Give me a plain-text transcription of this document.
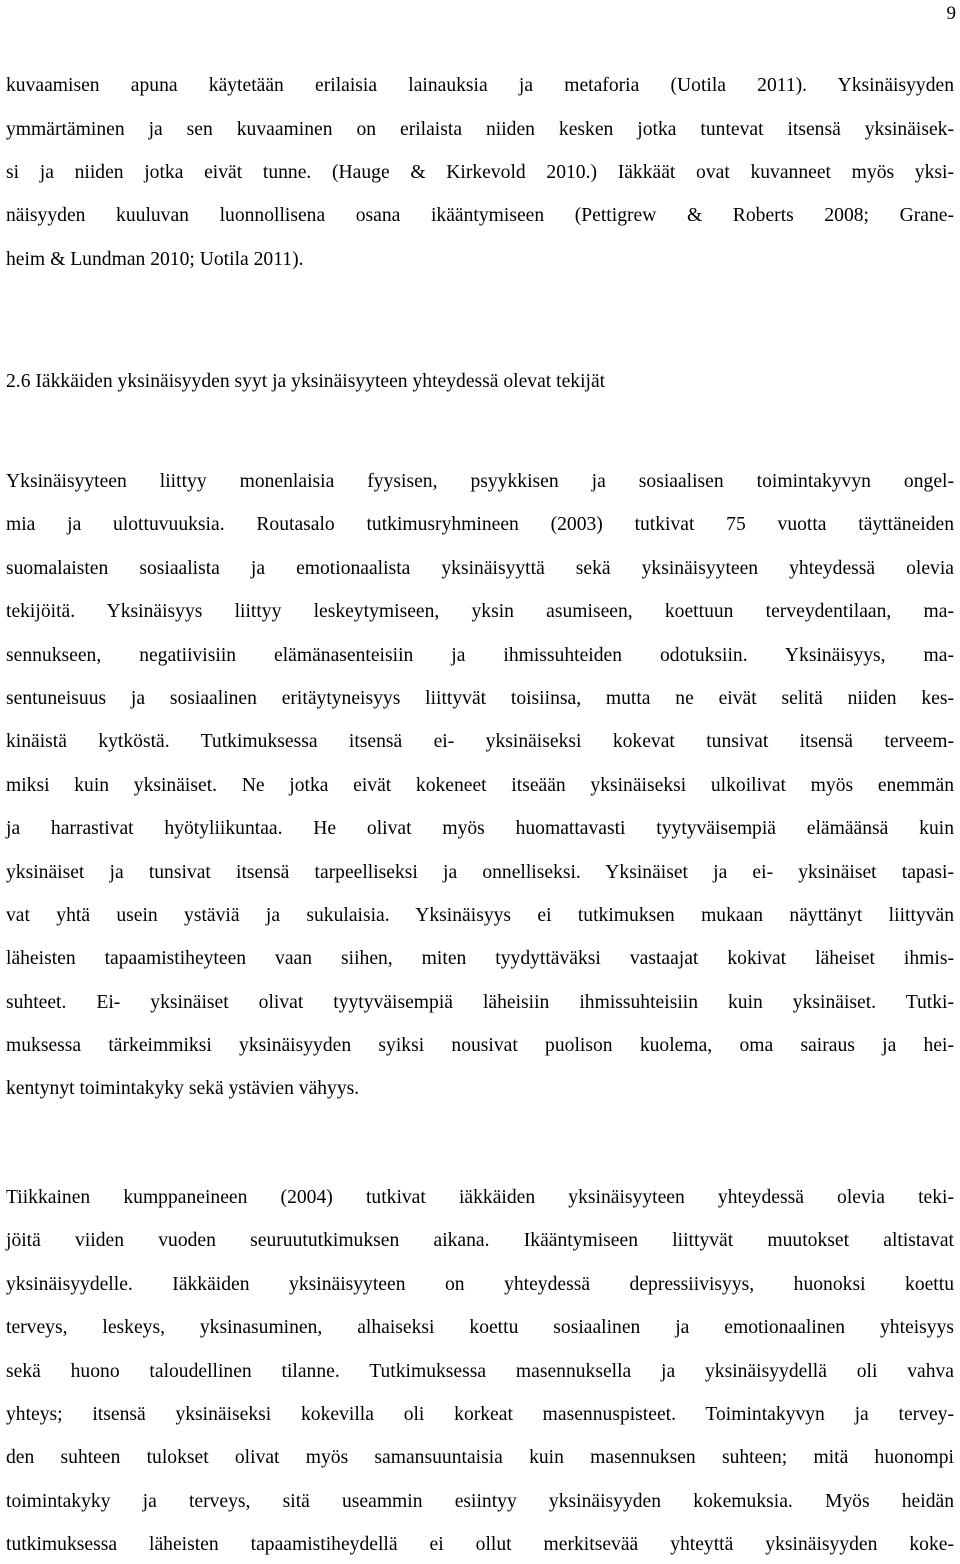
9
kuvaamisen apuna käytetään erilaisia lainauksia ja metaforia (Uotila 2011). Yksinäisyyden
ymmärtäminen ja sen kuvaaminen on erilaista niiden kesken jotka tuntevat itsensä yksinäisek-
si ja niiden jotka eivät tunne. (Hauge & Kirkevold 2010.) Iäkkäät ovat kuvanneet myös yksi-
näisyyden kuuluvan luonnollisena osana ikääntymiseen (Pettigrew & Roberts 2008; Grane-
heim & Lundman 2010; Uotila 2011).
2.6 Iäkkäiden yksinäisyyden syyt ja yksinäisyyteen yhteydessä olevat tekijät
Yksinäisyyteen liittyy monenlaisia fyysisen, psyykkisen ja sosiaalisen toimintakyvyn ongel-
mia ja ulottuvuuksia. Routasalo tutkimusryhmineen (2003) tutkivat 75 vuotta täyttäneiden
suomalaisten sosiaalista ja emotionaalista yksinäisyyttä sekä yksinäisyyteen yhteydessä olevia
tekijöitä. Yksinäisyys liittyy leskeytymiseen, yksin asumiseen, koettuun terveydentilaan, ma-
sennukseen, negatiivisiin elämänasenteisiin ja ihmissuhteiden odotuksiin. Yksinäisyys, ma-
sentuneisuus ja sosiaalinen eritäytyneisyys liittyvät toisiinsa, mutta ne eivät selitä niiden kes-
kinäistä kytköstä. Tutkimuksessa itsensä ei- yksinäiseksi kokevat tunsivat itsensä terveem-
miksi kuin yksinäiset. Ne jotka eivät kokeneet itseään yksinäiseksi ulkoilivat myös enemmän
ja harrastivat hyötyliikuntaa. He olivat myös huomattavasti tyytyväisempiä elämäänsä kuin
yksinäiset ja tunsivat itsensä tarpeelliseksi ja onnelliseksi. Yksinäiset ja ei- yksinäiset tapasi-
vat yhtä usein ystäviä ja sukulaisia. Yksinäisyys ei tutkimuksen mukaan näyttänyt liittyvän
läheisten tapaamistiheyteen vaan siihen, miten tyydyttäväksi vastaajat kokivat läheiset ihmis-
suhteet. Ei- yksinäiset olivat tyytyväisempiä läheisiin ihmissuhteisiin kuin yksinäiset. Tutki-
muksessa tärkeimmiksi yksinäisyyden syiksi nousivat puolison kuolema, oma sairaus ja hei-
kentynyt toimintakyky sekä ystävien vähyys.
Tiikkainen kumppaneineen (2004) tutkivat iäkkäiden yksinäisyyteen yhteydessä olevia teki-
jöitä viiden vuoden seuruututkimuksen aikana. Ikääntymiseen liittyvät muutokset altistavat
yksinäisyydelle. Iäkkäiden yksinäisyyteen on yhteydessä depressiivisyys, huonoksi koettu
terveys, leskeys, yksinasuminen, alhaiseksi koettu sosiaalinen ja emotionaalinen yhteisyys
sekä huono taloudellinen tilanne. Tutkimuksessa masennuksella ja yksinäisyydellä oli vahva
yhteys; itsensä yksinäiseksi kokevilla oli korkeat masennuspisteet. Toimintakyvyn ja tervey-
den suhteen tulokset olivat myös samansuuntaisia kuin masennuksen suhteen; mitä huonompi
toimintakyky ja terveys, sitä useammin esiintyy yksinäisyyden kokemuksia. Myös heidän
tutkimuksessa läheisten tapaamistiheydellä ei ollut merkitsevää yhteyttä yksinäisyyden koke-
